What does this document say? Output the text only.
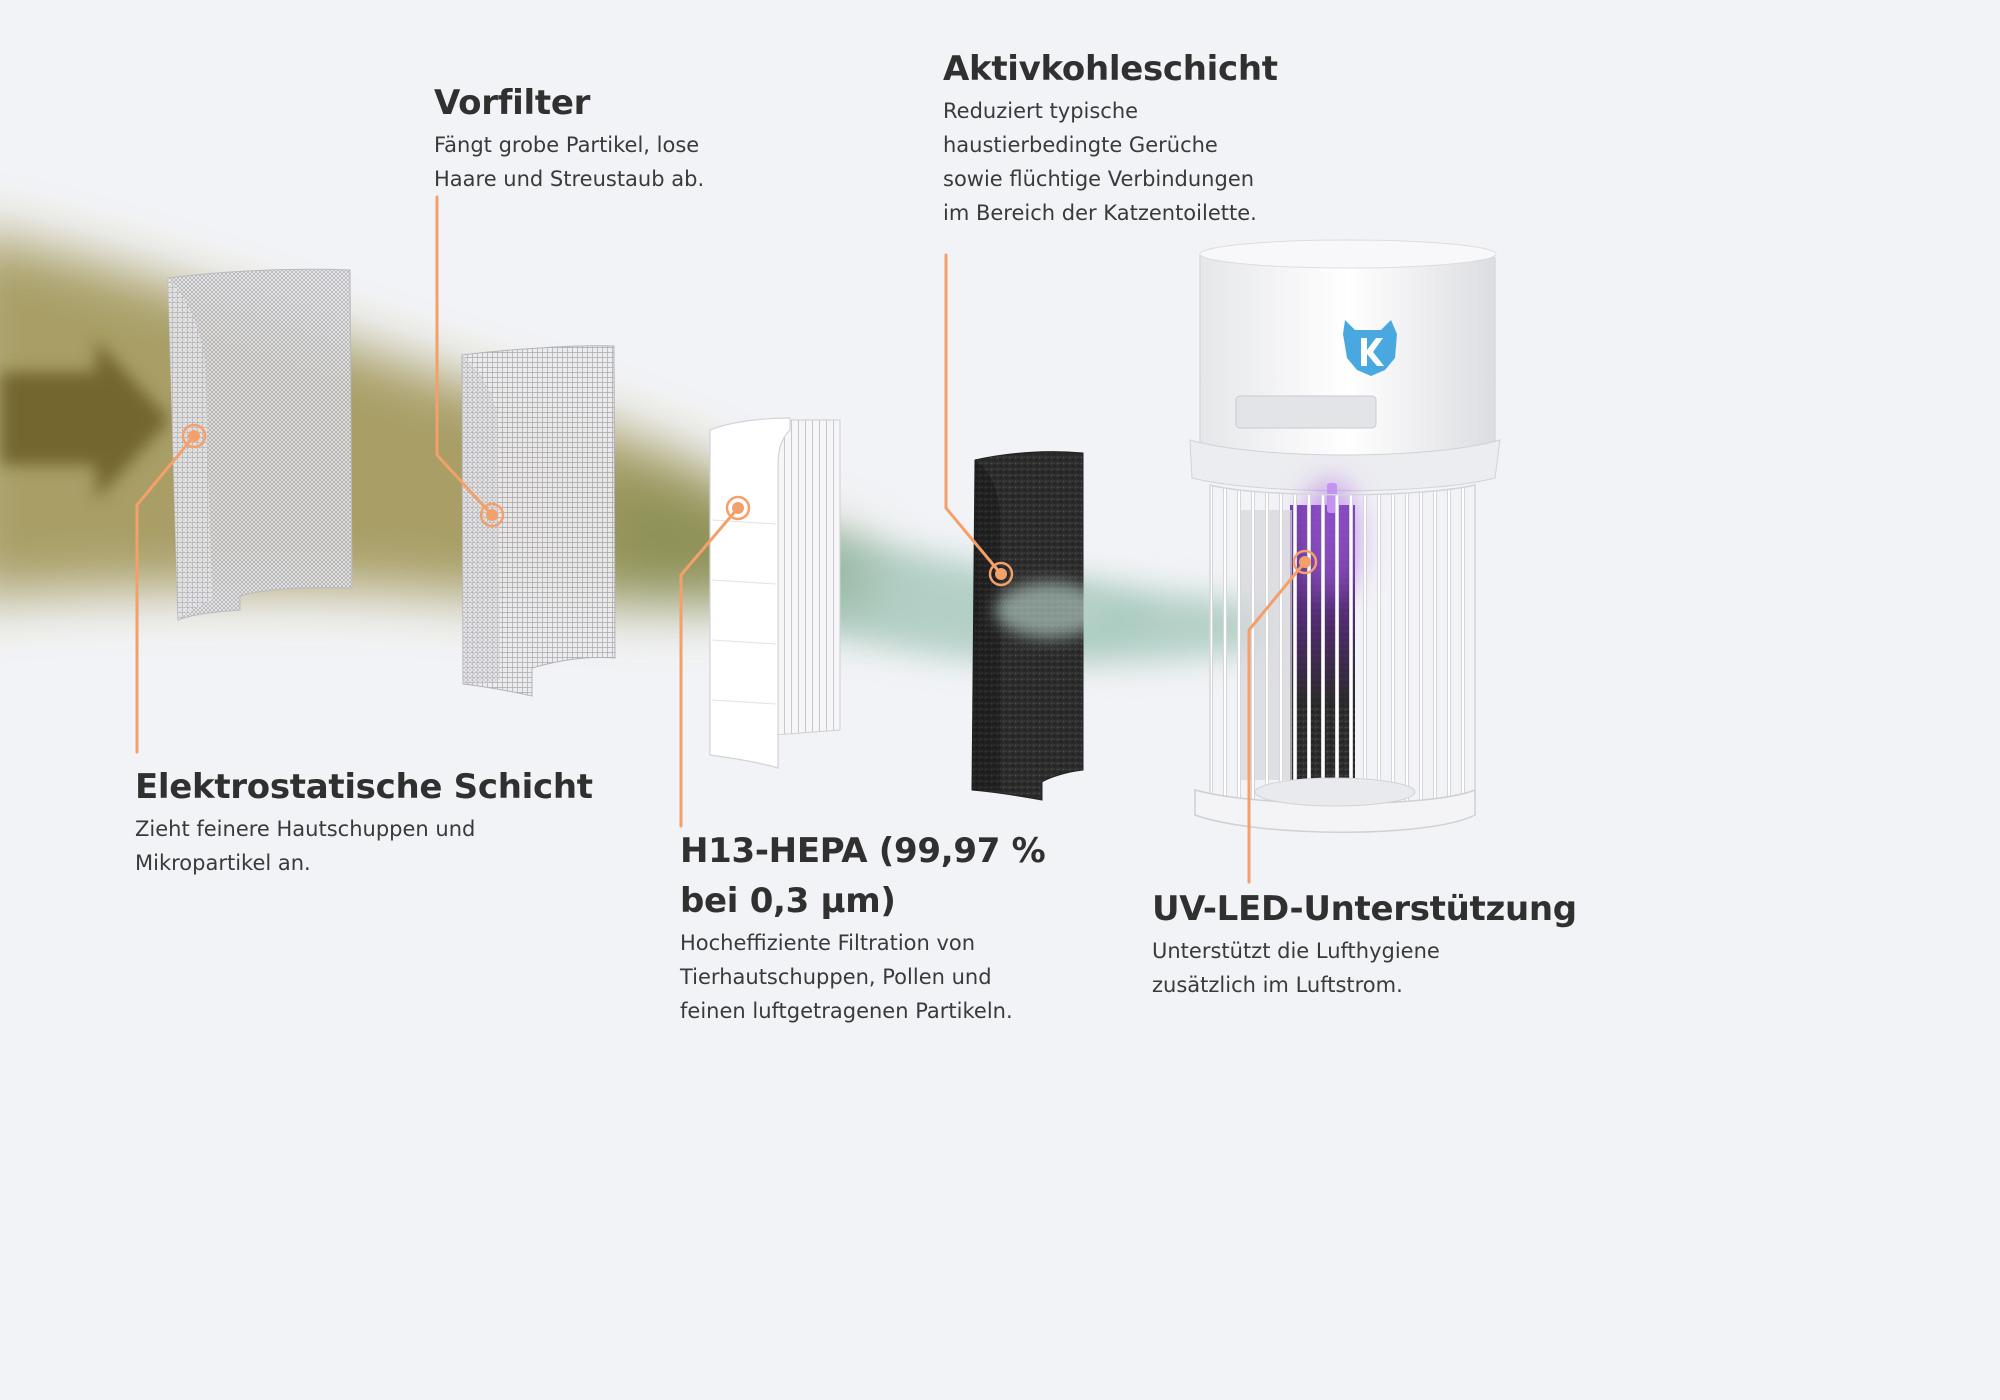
Vorfilter

Fängt grobe Partikel, lose
Haare und Streustaub ab.

Aktivkohleschicht

Reduziert typische
haustierbedingte Gerüche
sowie flüchtige Verbindungen
im Bereich der Katzentoilette.

Elektrostatische Schicht

Zieht feinere Hautschuppen und
Mikropartikel an.	H13-HEPA (99,97 %
bei 0,3 µm)

Hocheffiziente Filtration von
Tierhautschuppen, Pollen und
feinen luftgetragenen Partikeln.

UV-LED-Unterstützung

Unterstützt die Lufthygiene
zusätzlich im Luftstrom.
